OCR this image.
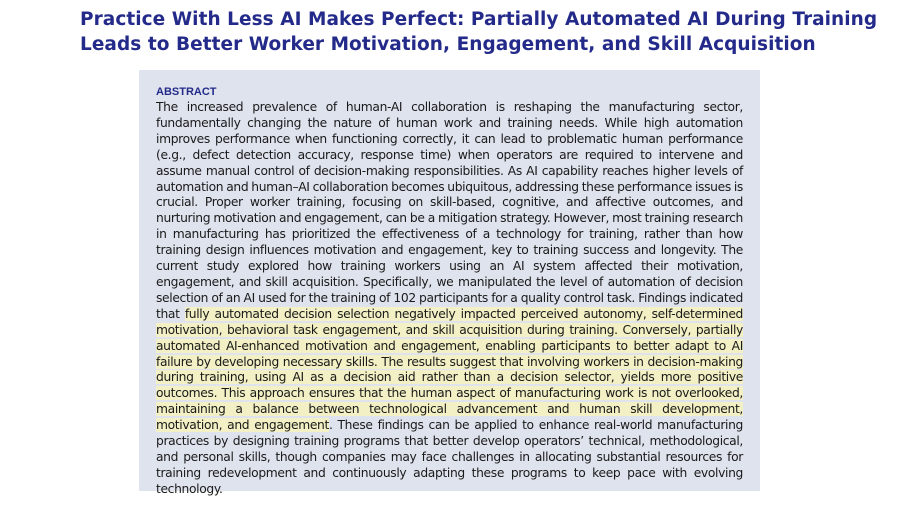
Practice With Less AI Makes Perfect: Partially Automated AI During Training Leads to Better Worker Motivation, Engagement, and Skill Acquisition
ABSTRACT

The increased prevalence of human-AI collaboration is reshaping the manufacturing sector, fundamentally changing the nature of human work and training needs. While high automation improves performance when functioning correctly, it can lead to problematic human performance (e.g., defect detection accuracy, response time) when operators are required to intervene and assume manual control of decision-making responsibilities. As AI capability reaches higher levels of automation and human–AI collaboration becomes ubiquitous, addressing these performance issues is crucial. Proper worker training, focusing on skill-based, cognitive, and affective outcomes, and nurturing motivation and engagement, can be a mitigation strategy. However, most training research in manufacturing has prioritized the effectiveness of a technology for training, rather than how training design influences motivation and engagement, key to training success and longevity. The current study explored how training workers using an AI system affected their motivation, engagement, and skill acquisition. Specifically, we manipulated the level of automation of decision selection of an AI used for the training of 102 participants for a quality control task. Findings indicated that fully automated decision selection negatively impacted perceived autonomy, self-determined motivation, behavioral task engagement, and skill acquisition during training. Conversely, partially automated AI-enhanced motivation and engagement, enabling participants to better adapt to AI failure by developing necessary skills. The results suggest that involving workers in decision-making during training, using AI as a decision aid rather than a decision selector, yields more positive outcomes. This approach ensures that the human aspect of manufacturing work is not overlooked, maintaining a balance between technological advancement and human skill development, motivation, and engagement. These findings can be applied to enhance real-world manufacturing practices by designing training programs that better develop operators’ technical, methodological, and personal skills, though companies may face challenges in allocating substantial resources for training redevelopment and continuously adapting these programs to keep pace with evolving technology.
